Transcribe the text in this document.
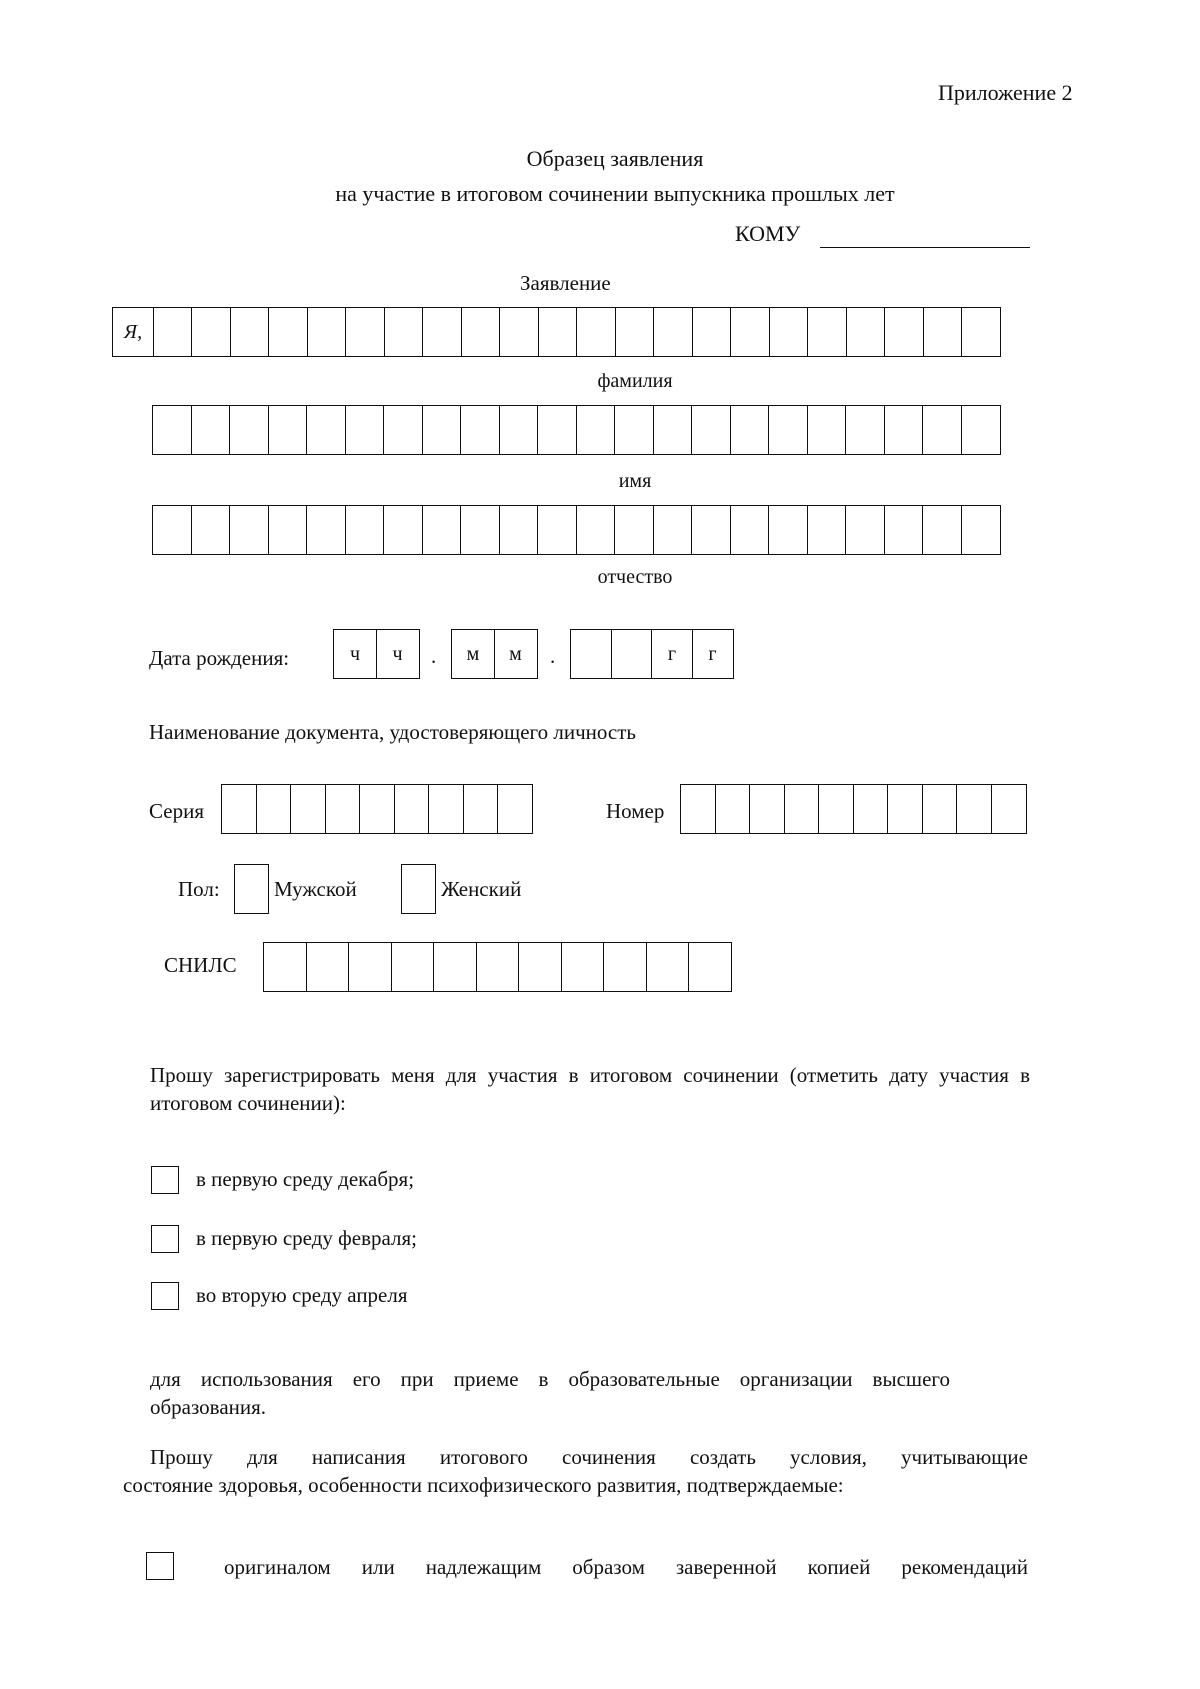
Приложение 2
Образец заявления
на участие в итоговом сочинении выпускника прошлых лет
КОМУ
Заявление
Я,
фамилия
имя
отчество
Дата рождения:	ч	ч	.	м	м	.	г	г
Наименование документа, удостоверяющего личность
Серия	Номер
Пол:	Мужской	Женский
СНИЛС
Прошу зарегистрировать меня для участия в итоговом сочинении (отметить дату участия в итоговом сочинении):
в первую среду декабря;
в первую среду февраля;
во вторую среду апреля
для использования его при приеме в образовательные организации высшего образования.
Прошу для написания итогового сочинения создать условия, учитывающие
состояние здоровья, особенности психофизического развития, подтверждаемые:
оригиналом или надлежащим образом заверенной копией рекомендаций
